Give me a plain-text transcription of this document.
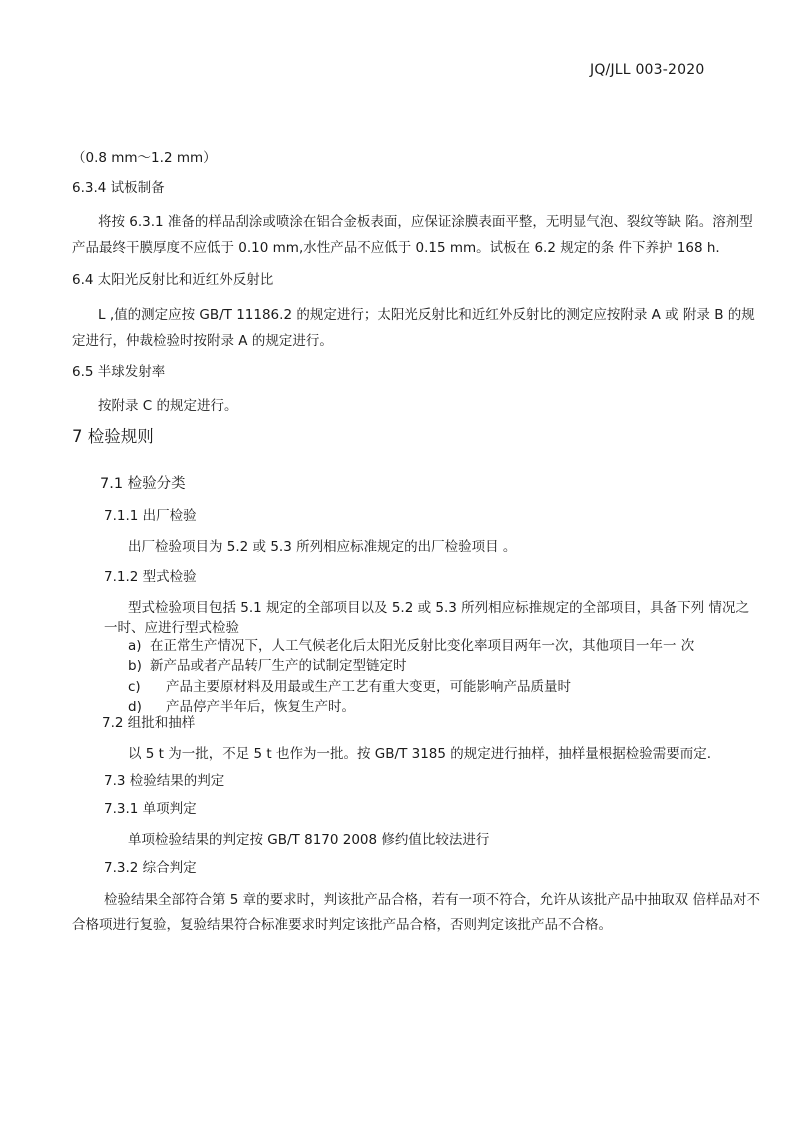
JQ/JLL 003-2020
（0.8 mm～1.2 mm）
6.3.4 试板制备
将按 6.3.1 准备的样品刮涂或喷涂在铝合金板表面，应保证涂膜表面平整，无明显气泡、裂纹等缺 陷。溶剂型
产品最终干膜厚度不应低于 0.10 mm,水性产品不应低于 0.15 mm。试板在 6.2 规定的条 件下养护 168 h.
6.4 太阳光反射比和近红外反射比
L ,值的测定应按 GB/T 11186.2 的规定进行；太阳光反射比和近红外反射比的测定应按附录 A 或 附录 B 的规
定进行，仲裁检验时按附录 A 的规定进行。
6.5 半球发射率
按附录 C 的规定进行。
7 检验规则
7.1 检验分类
7.1.1 出厂检验
出厂检验项目为 5.2 或 5.3 所列相应标准规定的出厂检验项目 。
7.1.2 型式检验
型式检验项目包括 5.1 规定的全部项目以及 5.2 或 5.3 所列相应标推规定的全部项目，具备下列 情况之
一时、应进行型式检验
a) 在正常生产情况下，人工气候老化后太阳光反射比变化率项目两年一次，其他项目一年一 次
b) 新产品或者产品转厂生产的试制定型链定时
c) 产品主要原材料及用最或生产工艺有重大变更，可能影响产品质量时
d) 产品停产半年后，恢复生产时。
7.2 组批和抽样
以 5 t 为一批，不足 5 t 也作为一批。按 GB/T 3185 的规定进行抽样，抽样量根据检验需要而定.
7.3 检验结果的判定
7.3.1 单项判定
单项检验结果的判定按 GB/T 8170 2008 修约值比较法进行
7.3.2 综合判定
检验结果全部符合第 5 章的要求时，判该批产品合格，若有一项不符合，允许从该批产品中抽取双 倍样品对不
合格项进行复验，复验结果符合标准要求时判定该批产品合格，否则判定该批产品不合格。
